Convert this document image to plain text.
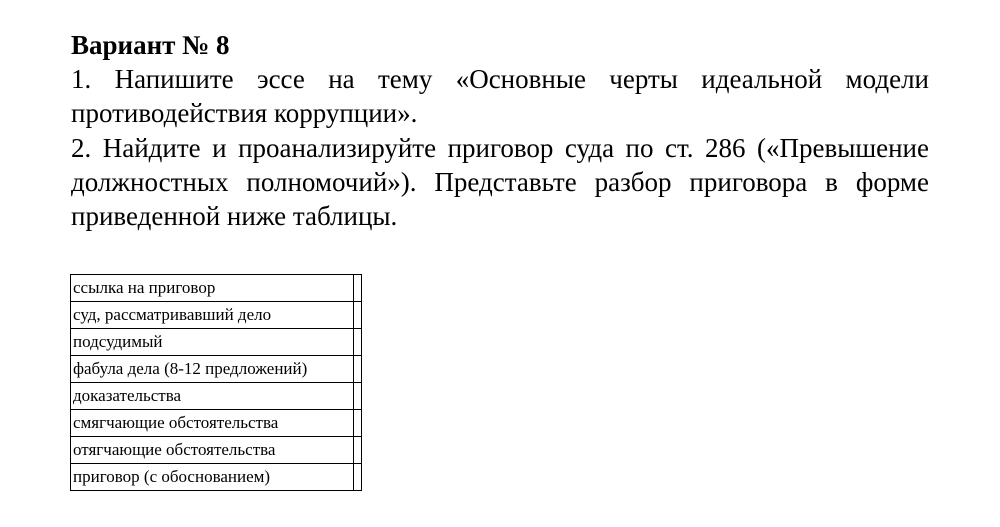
Вариант № 8

1. Напишите эссе на тему «Основные черты идеальной модели противодействия коррупции».

2. Найдите и проанализируйте приговор суда по ст. 286 («Превышение должностных полномочий»). Представьте разбор приговора в форме приведенной ниже таблицы.

ссылка на приговор	
суд, рассматривавший дело	
подсудимый	
фабула дела (8-12 предложений)	
доказательства	
смягчающие обстоятельства	
отягчающие обстоятельства	
приговор (с обоснованием)	
